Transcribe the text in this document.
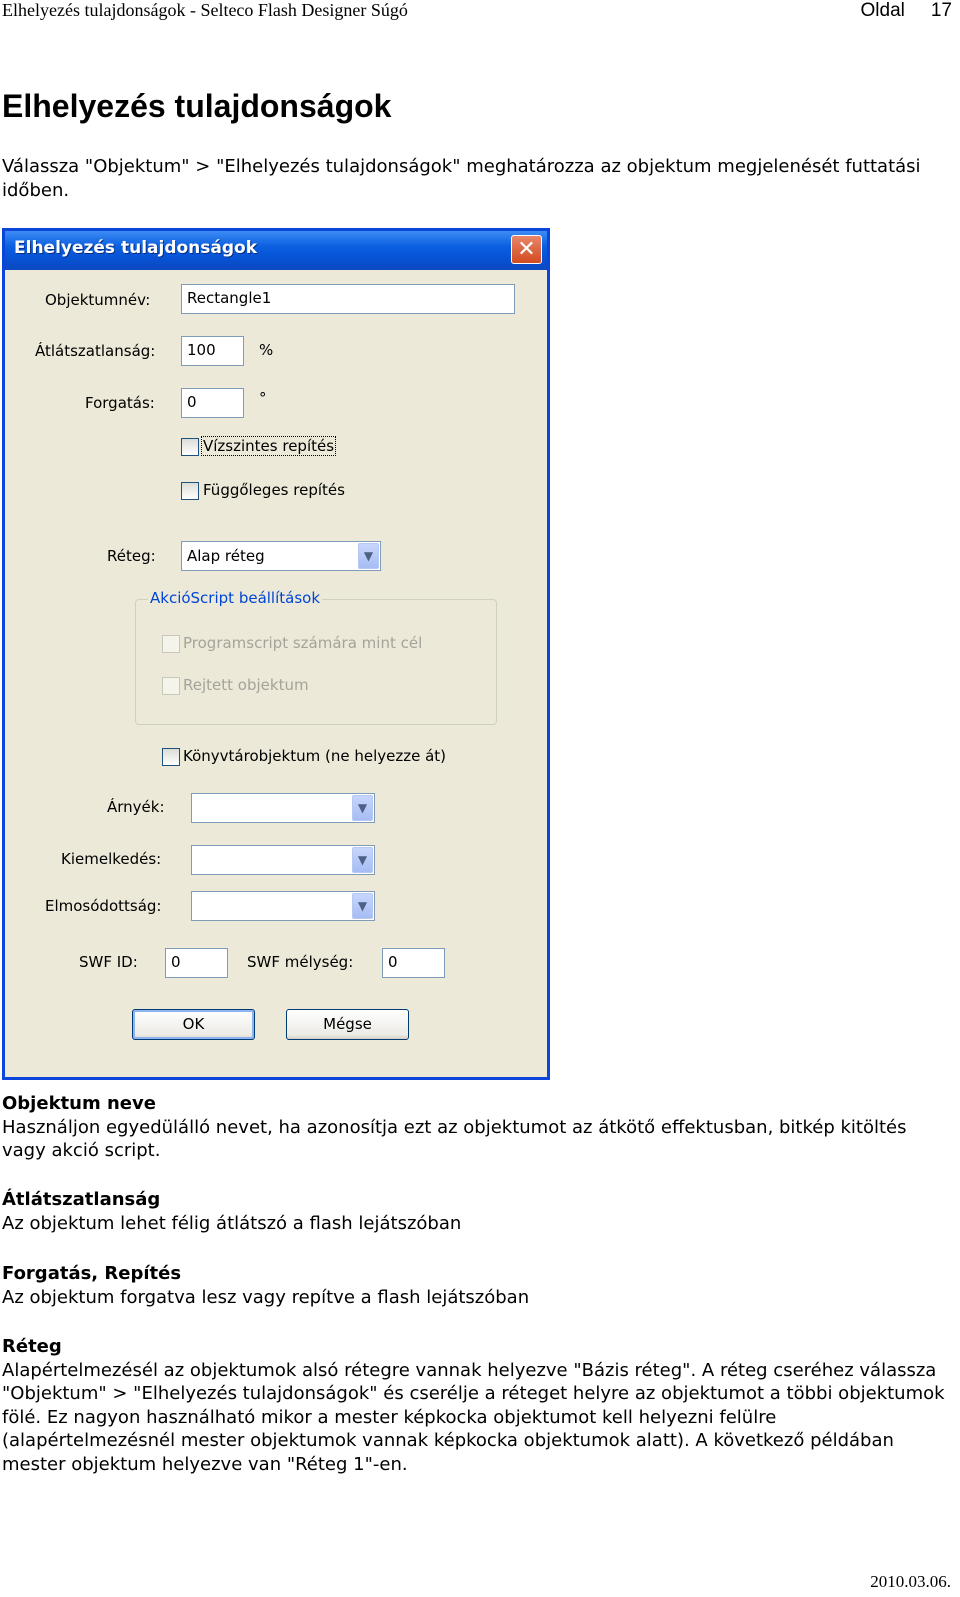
Elhelyezés tulajdonságok - Selteco Flash Designer Súgó	Oldal 17
Elhelyezés tulajdonságok
Válassza "Objektum" > "Elhelyezés tulajdonságok" meghatározza az objektum megjelenését futtatási időben.
Elhelyezés tulajdonságok	✕
Objektumnév:	Rectangle1
Átlátszatlanság:	100	%
Forgatás:	0	°
Vízszintes repítés
Függőleges repítés
Réteg:	Alap réteg	▼
AkcióScript beállítások
Programscript számára mint cél
Rejtett objektum
Könyvtárobjektum (ne helyezze át)
Árnyék:	▼
Kiemelkedés:	▼
Elmosódottság:	▼
SWF ID:	0	SWF mélység:	0
OK	Mégse
Objektum neve
Használjon egyedülálló nevet, ha azonosítja ezt az objektumot az átkötő effektusban, bitkép kitöltés vagy akció script.
Átlátszatlanság
Az objektum lehet félig átlátszó a flash lejátszóban
Forgatás, Repítés
Az objektum forgatva lesz vagy repítve a flash lejátszóban
Réteg
Alapértelmezésél az objektumok alsó rétegre vannak helyezve "Bázis réteg". A réteg cseréhez válassza "Objektum" > "Elhelyezés tulajdonságok" és cserélje a réteget helyre az objektumot a többi objektumok fölé. Ez nagyon használható mikor a mester képkocka objektumot kell helyezni felülre (alapértelmezésnél mester objektumok vannak képkocka objektumok alatt). A következő példában mester objektum helyezve van "Réteg 1"-en.
2010.03.06.
